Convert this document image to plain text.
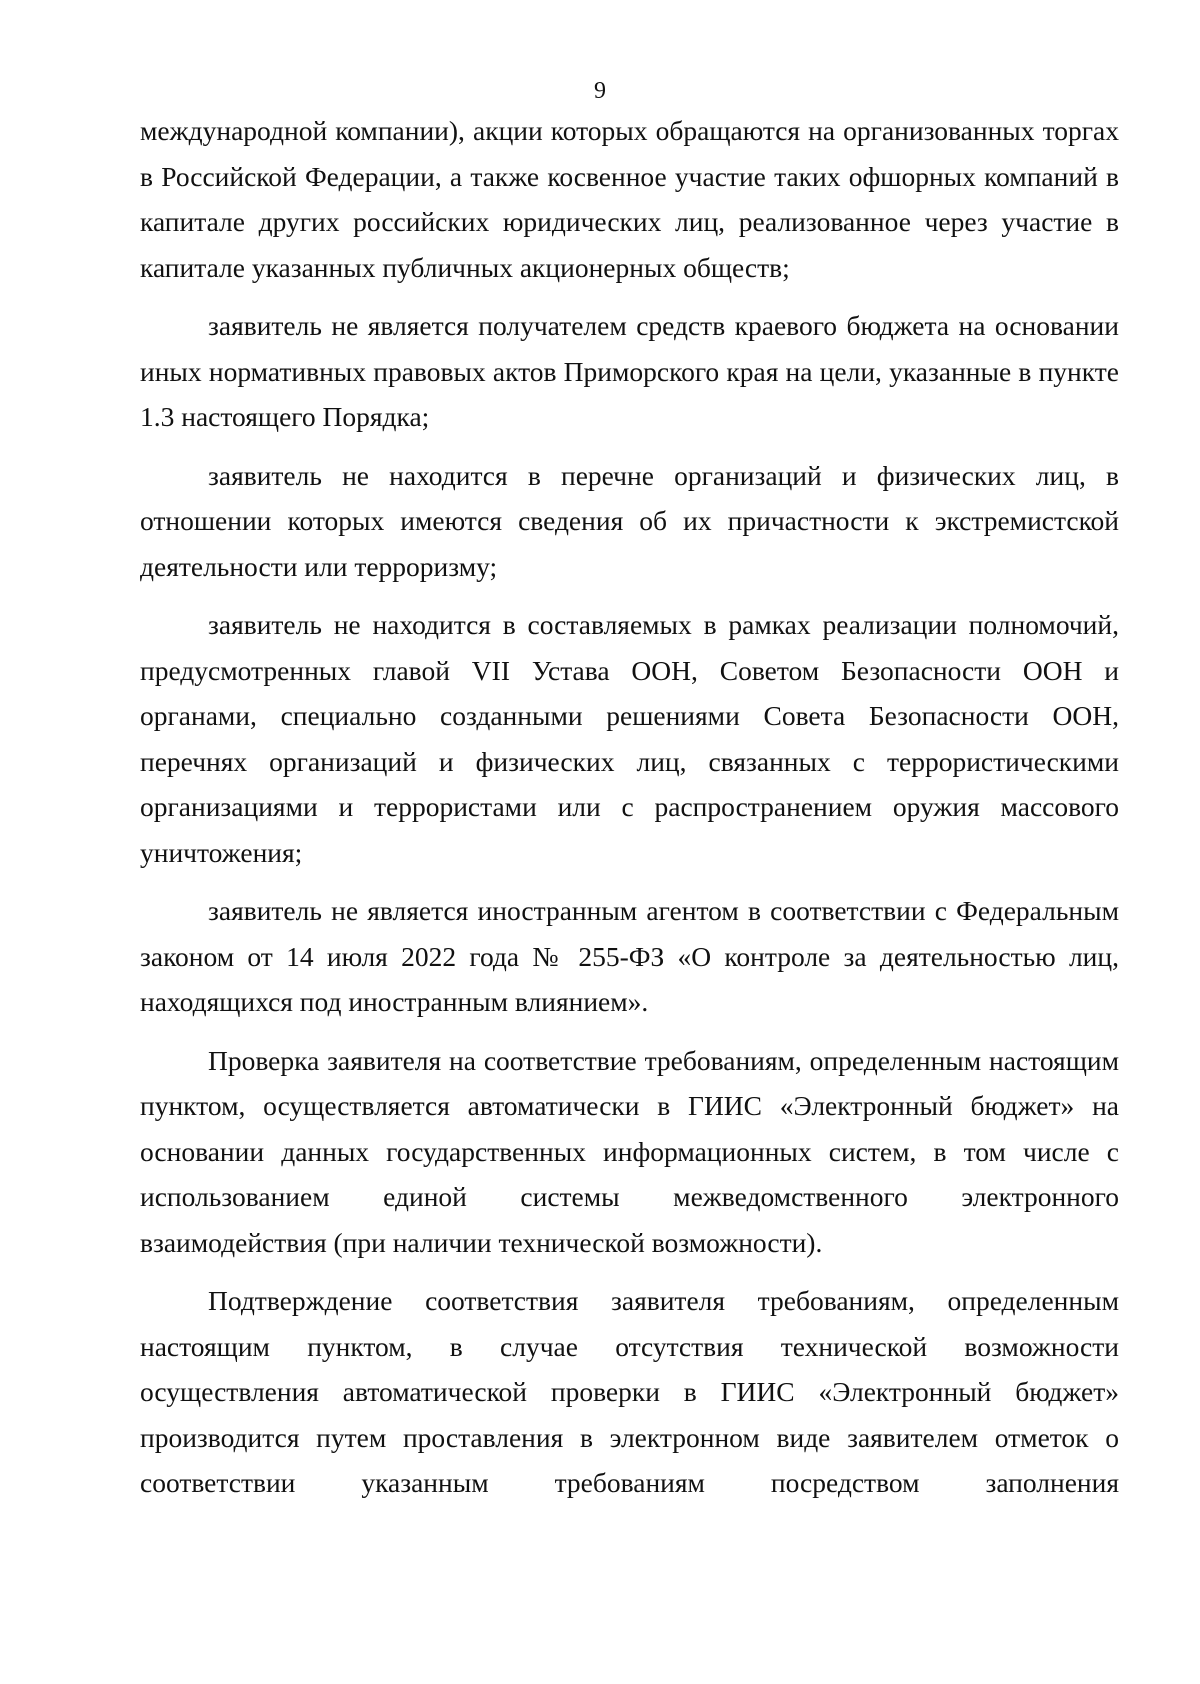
9

международной компании), акции которых обращаются на организованных торгах в Российской Федерации, а также косвенное участие таких офшорных компаний в капитале других российских юридических лиц, реализованное через участие в капитале указанных публичных акционерных обществ;

заявитель не является получателем средств краевого бюджета на основании иных нормативных правовых актов Приморского края на цели, указанные в пункте 1.3 настоящего Порядка;

заявитель не находится в перечне организаций и физических лиц, в отношении которых имеются сведения об их причастности к экстремистской деятельности или терроризму;

заявитель не находится в составляемых в рамках реализации полномочий, предусмотренных главой VII Устава ООН, Советом Безопасности ООН и органами, специально созданными решениями Совета Безопасности ООН, перечнях организаций и физических лиц, связанных с террористическими организациями и террористами или с распространением оружия массового уничтожения;

заявитель не является иностранным агентом в соответствии с Федеральным законом от 14 июля 2022 года № 255-ФЗ «О контроле за деятельностью лиц, находящихся под иностранным влиянием».

Проверка заявителя на соответствие требованиям, определенным настоящим пунктом, осуществляется автоматически в ГИИС «Электронный бюджет» на основании данных государственных информационных систем, в том числе с использованием единой системы межведомственного электронного взаимодействия (при наличии технической возможности).

Подтверждение соответствия заявителя требованиям, определенным настоящим пунктом, в случае отсутствия технической возможности осуществления автоматической проверки в ГИИС «Электронный бюджет» производится путем проставления в электронном виде заявителем отметок о соответствии указанным требованиям посредством заполнения
